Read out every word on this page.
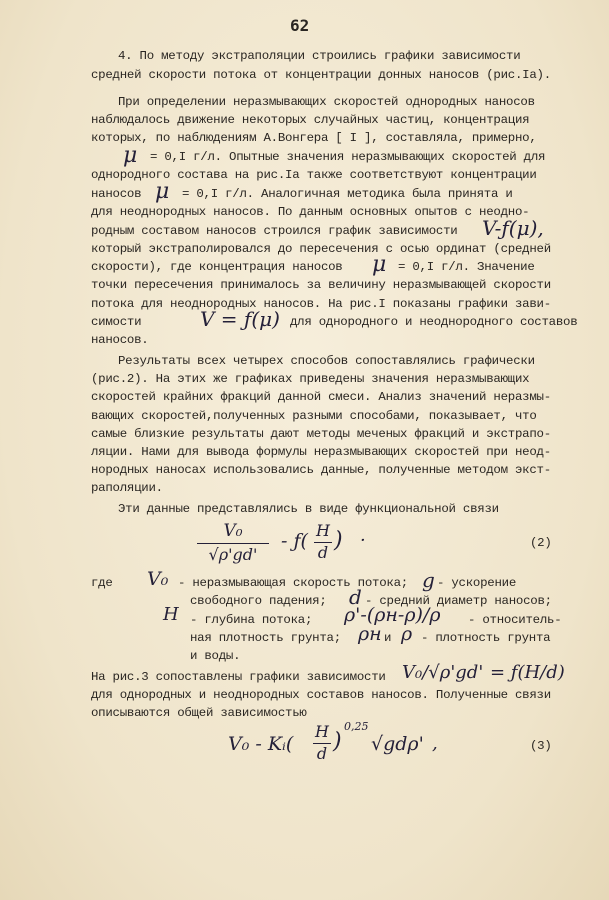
62
4. По методу экстраполяции строились графики зависимости
средней скорости потока от концентрации донных наносов (рис.Iа).
При определении неразмывающих скоростей однородных наносов
наблюдалось движение некоторых случайных частиц, концентрация
которых, по наблюдениям А.Вонгера [ I ], составляла, примерно,
μ = 0,I г/л. Опытные значения неразмывающих скоростей для
однородного состава на рис.Iа также соответствуют концентрации
наносов μ = 0,I г/л. Аналогичная методика была принята и
для неоднородных наносов. По данным основных опытов с неодно-
родным составом наносов строился график зависимости V-ƒ(μ),
который экстраполировался до пересечения с осью ординат (средней
скорости), где концентрация наносов μ = 0,I г/л. Значение
точки пересечения принималось за величину неразмывающей скорости
потока для неоднородных наносов. На рис.I показаны графики зави-
симости	V = ƒ(μ) для однородного и неоднородного составов
наносов.
Результаты всех четырех способов сопоставлялись графически
(рис.2). На этих же графиках приведены значения неразмывающих
скоростей крайних фракций данной смеси. Анализ значений неразмы-
вающих скоростей,полученных разными способами, показывает, что
самые близкие результаты дают методы меченых фракций и экстрапо-
ляции. Нами для вывода формулы неразмывающих скоростей при неод-
нородных наносах использовались данные, полученные методом экст-
раполяции.
Эти данные представлялись в виде функциональной связи
V₀
√ρ'gd'
- ƒ( H
d ) ·	(2)
где V₀ - неразмывающая скорость потока; g - ускорение
свободного падения; d - средний диаметр наносов;
H - глубина потока; ρ'-(ρн-ρ)/ρ - относитель-
ная плотность грунта; ρн и ρ - плотность грунта
и воды.
На рис.3 сопоставлены графики зависимости V₀/√ρ'gd' = ƒ(H/d)
для однородных и неоднородных составов наносов. Полученные связи
описываются общей зависимостью
V₀ - Kᵢ(
H
d )
0,25
√gdρ' ,	(3)
